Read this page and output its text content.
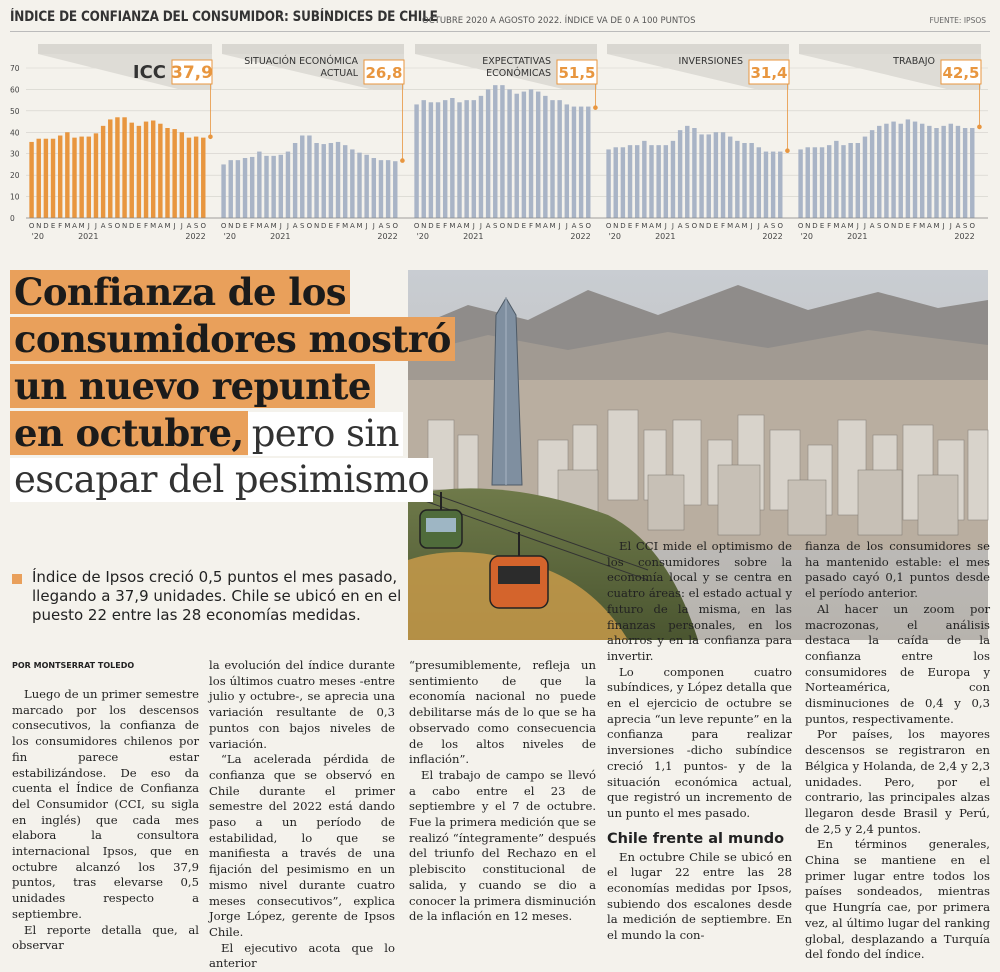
ÍNDICE DE CONFIANZA DEL CONSUMIDOR: SUBÍNDICES DE CHILE
OCTUBRE 2020 A AGOSTO 2022. ÍNDICE VA DE 0 A 100 PUNTOS	FUENTE: IPSOS
70
60
50
40
30
20
10
0
37,9
ICC
O N D E F M A M J J A S O N D E F M A M J J A S O
'20	2021	2022
26,8
SITUACIÓN ECONÓMICA
ACTUAL
O N D E F M A M J J A S O N D E F M A M J J A S O
'20	2021	2022
51,5
EXPECTATIVAS
ECONÓMICAS
O N D E F M A M J J A S O N D E F M A M J J A S O
'20	2021	2022
31,4
INVERSIONES
O N D E F M A M J J A S O N D E F M A M J J A S O
'20	2021	2022
42,5
TRABAJO
O N D E F M A M J J A S O N D E F M A M J J A S O
'20	2021	2022
Confianza de los
consumidores mostró
un nuevo repunte
en octubre, pero sin
escapar del pesimismo
Índice de Ipsos creció 0,5 puntos el mes pasado, llegando a 37,9 unidades. Chile se ubicó en en el puesto 22 entre las 28 economías medidas.
POR MONTSERRAT TOLEDO

Luego de un primer semestre marcado por los descensos consecutivos, la confianza de los consumidores chilenos por fin parece estar estabilizándose. De eso da cuenta el Índice de Confianza del Consumidor (CCI, su sigla en inglés) que cada mes elabora la consultora internacional Ipsos, que en octubre alcanzó los 37,9 puntos, tras elevarse 0,5 unidades respecto a septiembre.

El reporte detalla que, al observar

la evolución del índice durante los últimos cuatro meses -entre julio y octubre-, se aprecia una variación resultante de 0,3 puntos con bajos niveles de variación.

“La acelerada pérdida de confianza que se observó en Chile durante el primer semestre del 2022 está dando paso a un período de estabilidad, lo que se manifiesta a través de una fijación del pesimismo en un mismo nivel durante cuatro meses consecutivos”, explica Jorge López, gerente de Ipsos Chile.

El ejecutivo acota que lo anterior

“presumiblemente, refleja un sentimiento de que la economía nacional no puede debilitarse más de lo que se ha observado como consecuencia de los altos niveles de inflación”.

El trabajo de campo se llevó a cabo entre el 23 de septiembre y el 7 de octubre. Fue la primera medición que se realizó “íntegramente” después del triunfo del Rechazo en el plebiscito constitucional de salida, y cuando se dio a conocer la primera disminución de la inflación en 12 meses.

El CCI mide el optimismo de los consumidores sobre la economía local y se centra en cuatro áreas: el estado actual y futuro de la misma, en las finanzas personales, en los ahorros y en la confianza para invertir.

Lo componen cuatro subíndices, y López detalla que en el ejercicio de octubre se aprecia “un leve repunte” en la confianza para realizar inversiones -dicho subíndice creció 1,1 puntos- y de la situación económica actual, que registró un incremento de un punto el mes pasado.

Chile frente al mundo

En octubre Chile se ubicó en el lugar 22 entre las 28 economías medidas por Ipsos, subiendo dos escalones desde la medición de septiembre. En el mundo la con-

fianza de los consumidores se ha mantenido estable: el mes pasado cayó 0,1 puntos desde el período anterior.

Al hacer un zoom por macrozonas, el análisis destaca la caída de la confianza entre los consumidores de Europa y Norteamérica, con disminuciones de 0,4 y 0,3 puntos, respectivamente.

Por países, los mayores descensos se registraron en Bélgica y Holanda, de 2,4 y 2,3 unidades. Pero, por el contrario, las principales alzas llegaron desde Brasil y Perú, de 2,5 y 2,4 puntos.

En términos generales, China se mantiene en el primer lugar entre todos los países sondeados, mientras que Hungría cae, por primera vez, al último lugar del ranking global, desplazando a Turquía del fondo del índice.
